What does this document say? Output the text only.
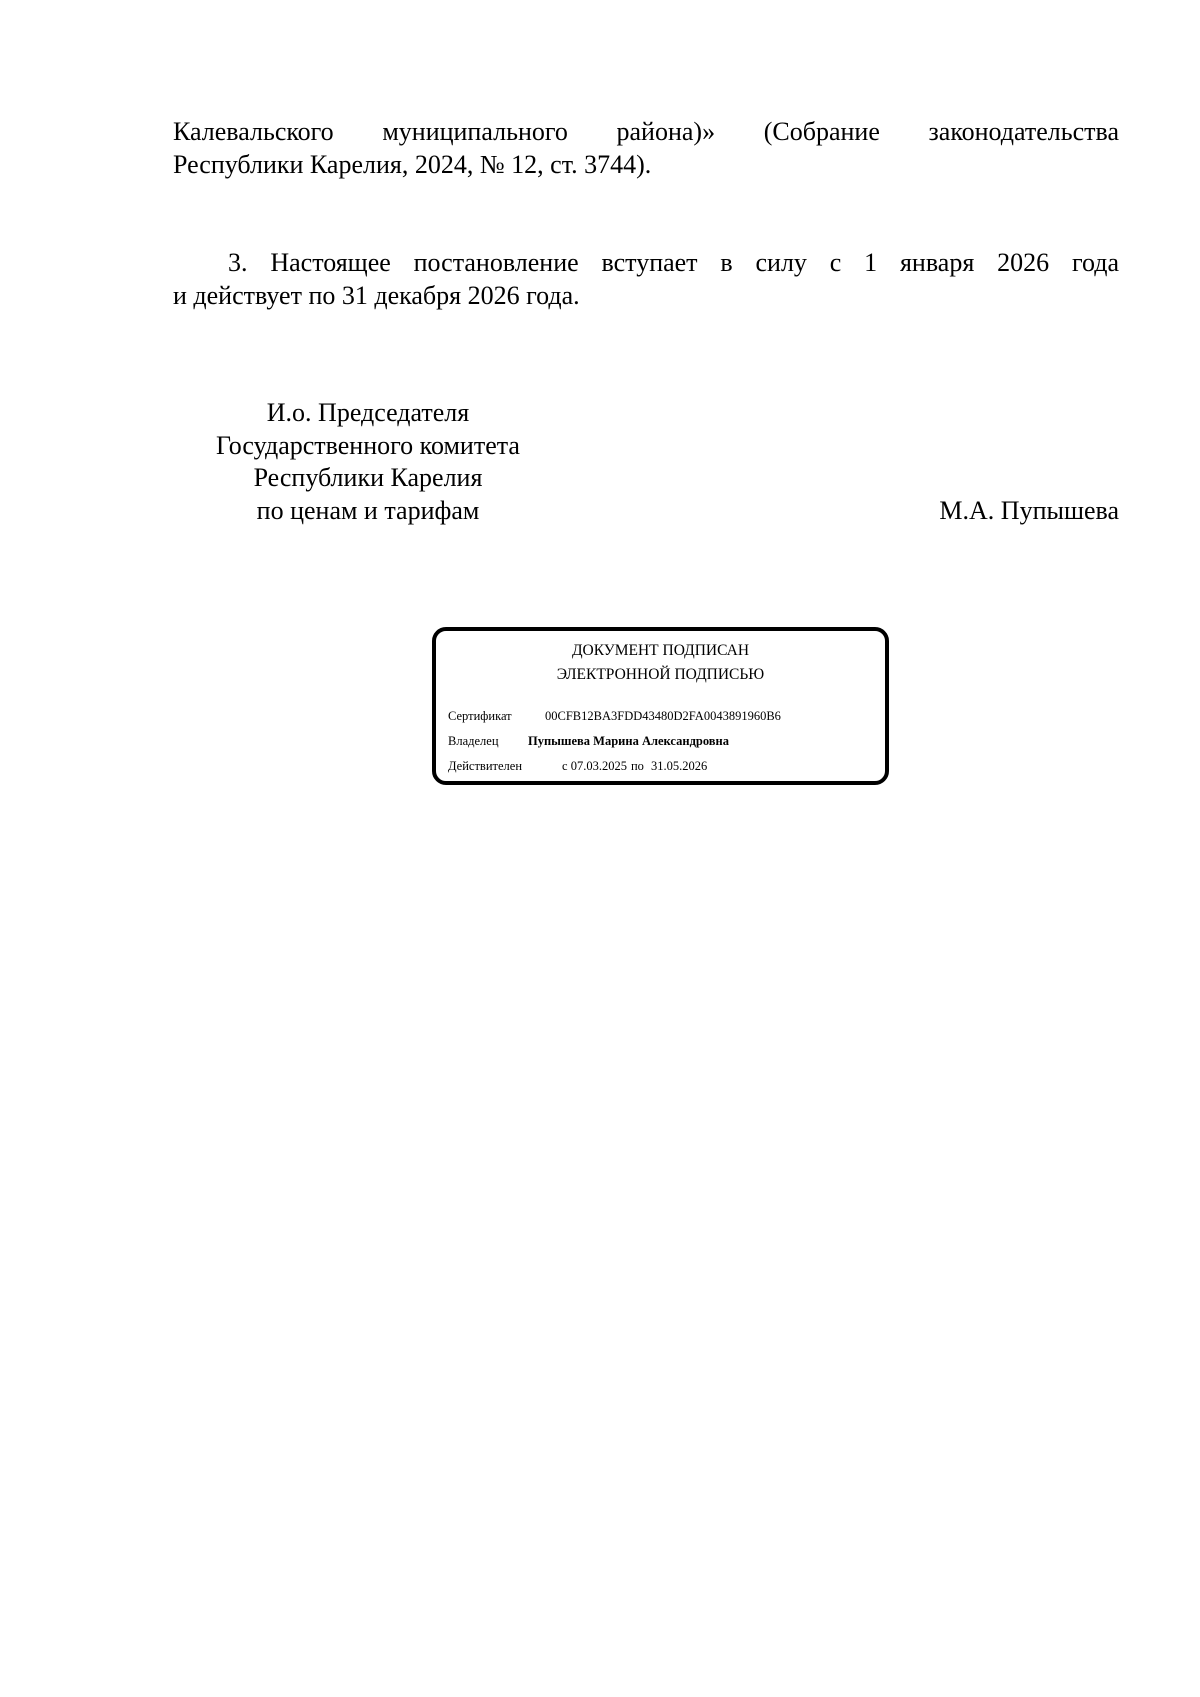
Калевальского муниципального района)» (Собрание законодательства
Республики Карелия, 2024, № 12, ст. 3744).
3. Настоящее постановление вступает в силу с 1 января 2026 года
и действует по 31 декабря 2026 года.
И.о. Председателя
Государственного комитета
Республики Карелия
по ценам и тарифам	М.А. Пупышева
ДОКУМЕНТ ПОДПИСАН
ЭЛЕКТРОННОЙ ПОДПИСЬЮ
Сертификат	00CFB12BA3FDD43480D2FA0043891960B6
Владелец Пупышева Марина Александровна
Действителен	с 07.03.2025 по 31.05.2026
